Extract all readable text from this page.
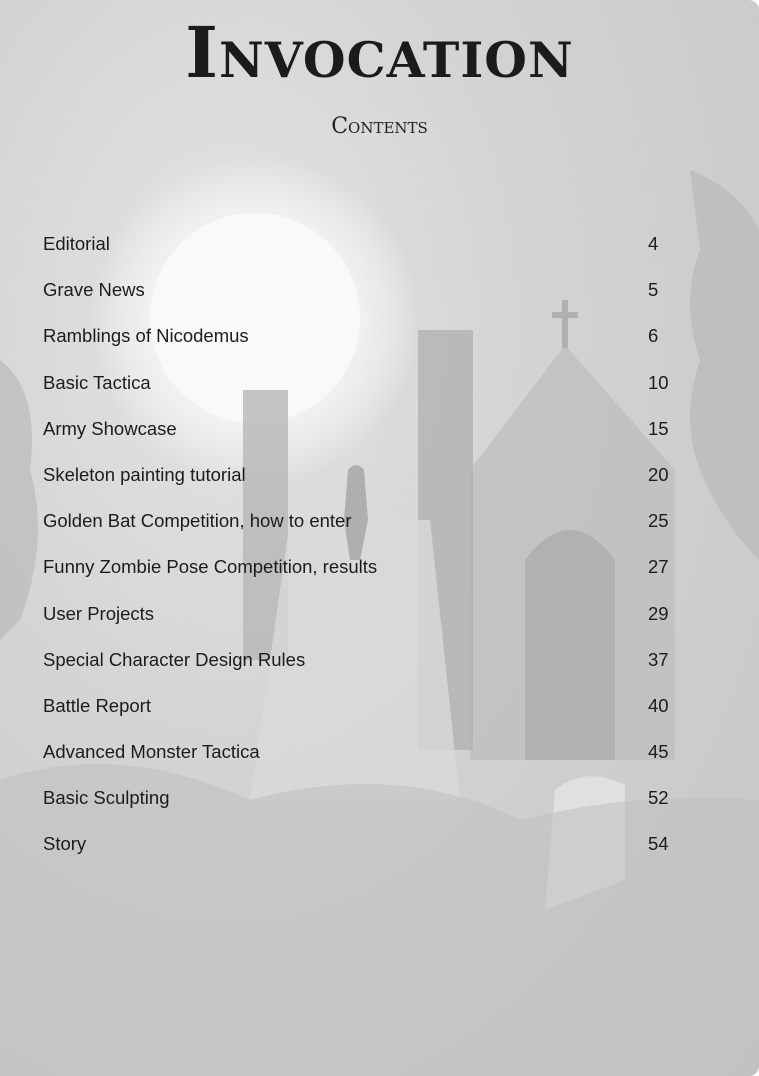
Invocation
Contents
Editorial	4
Grave News	5
Ramblings of Nicodemus	6
Basic Tactica	10
Army Showcase	15
Skeleton painting tutorial	20
Golden Bat Competition, how to enter	25
Funny Zombie Pose Competition, results	27
User Projects	29
Special Character Design Rules	37
Battle Report	40
Advanced Monster Tactica	45
Basic Sculpting	52
Story	54
